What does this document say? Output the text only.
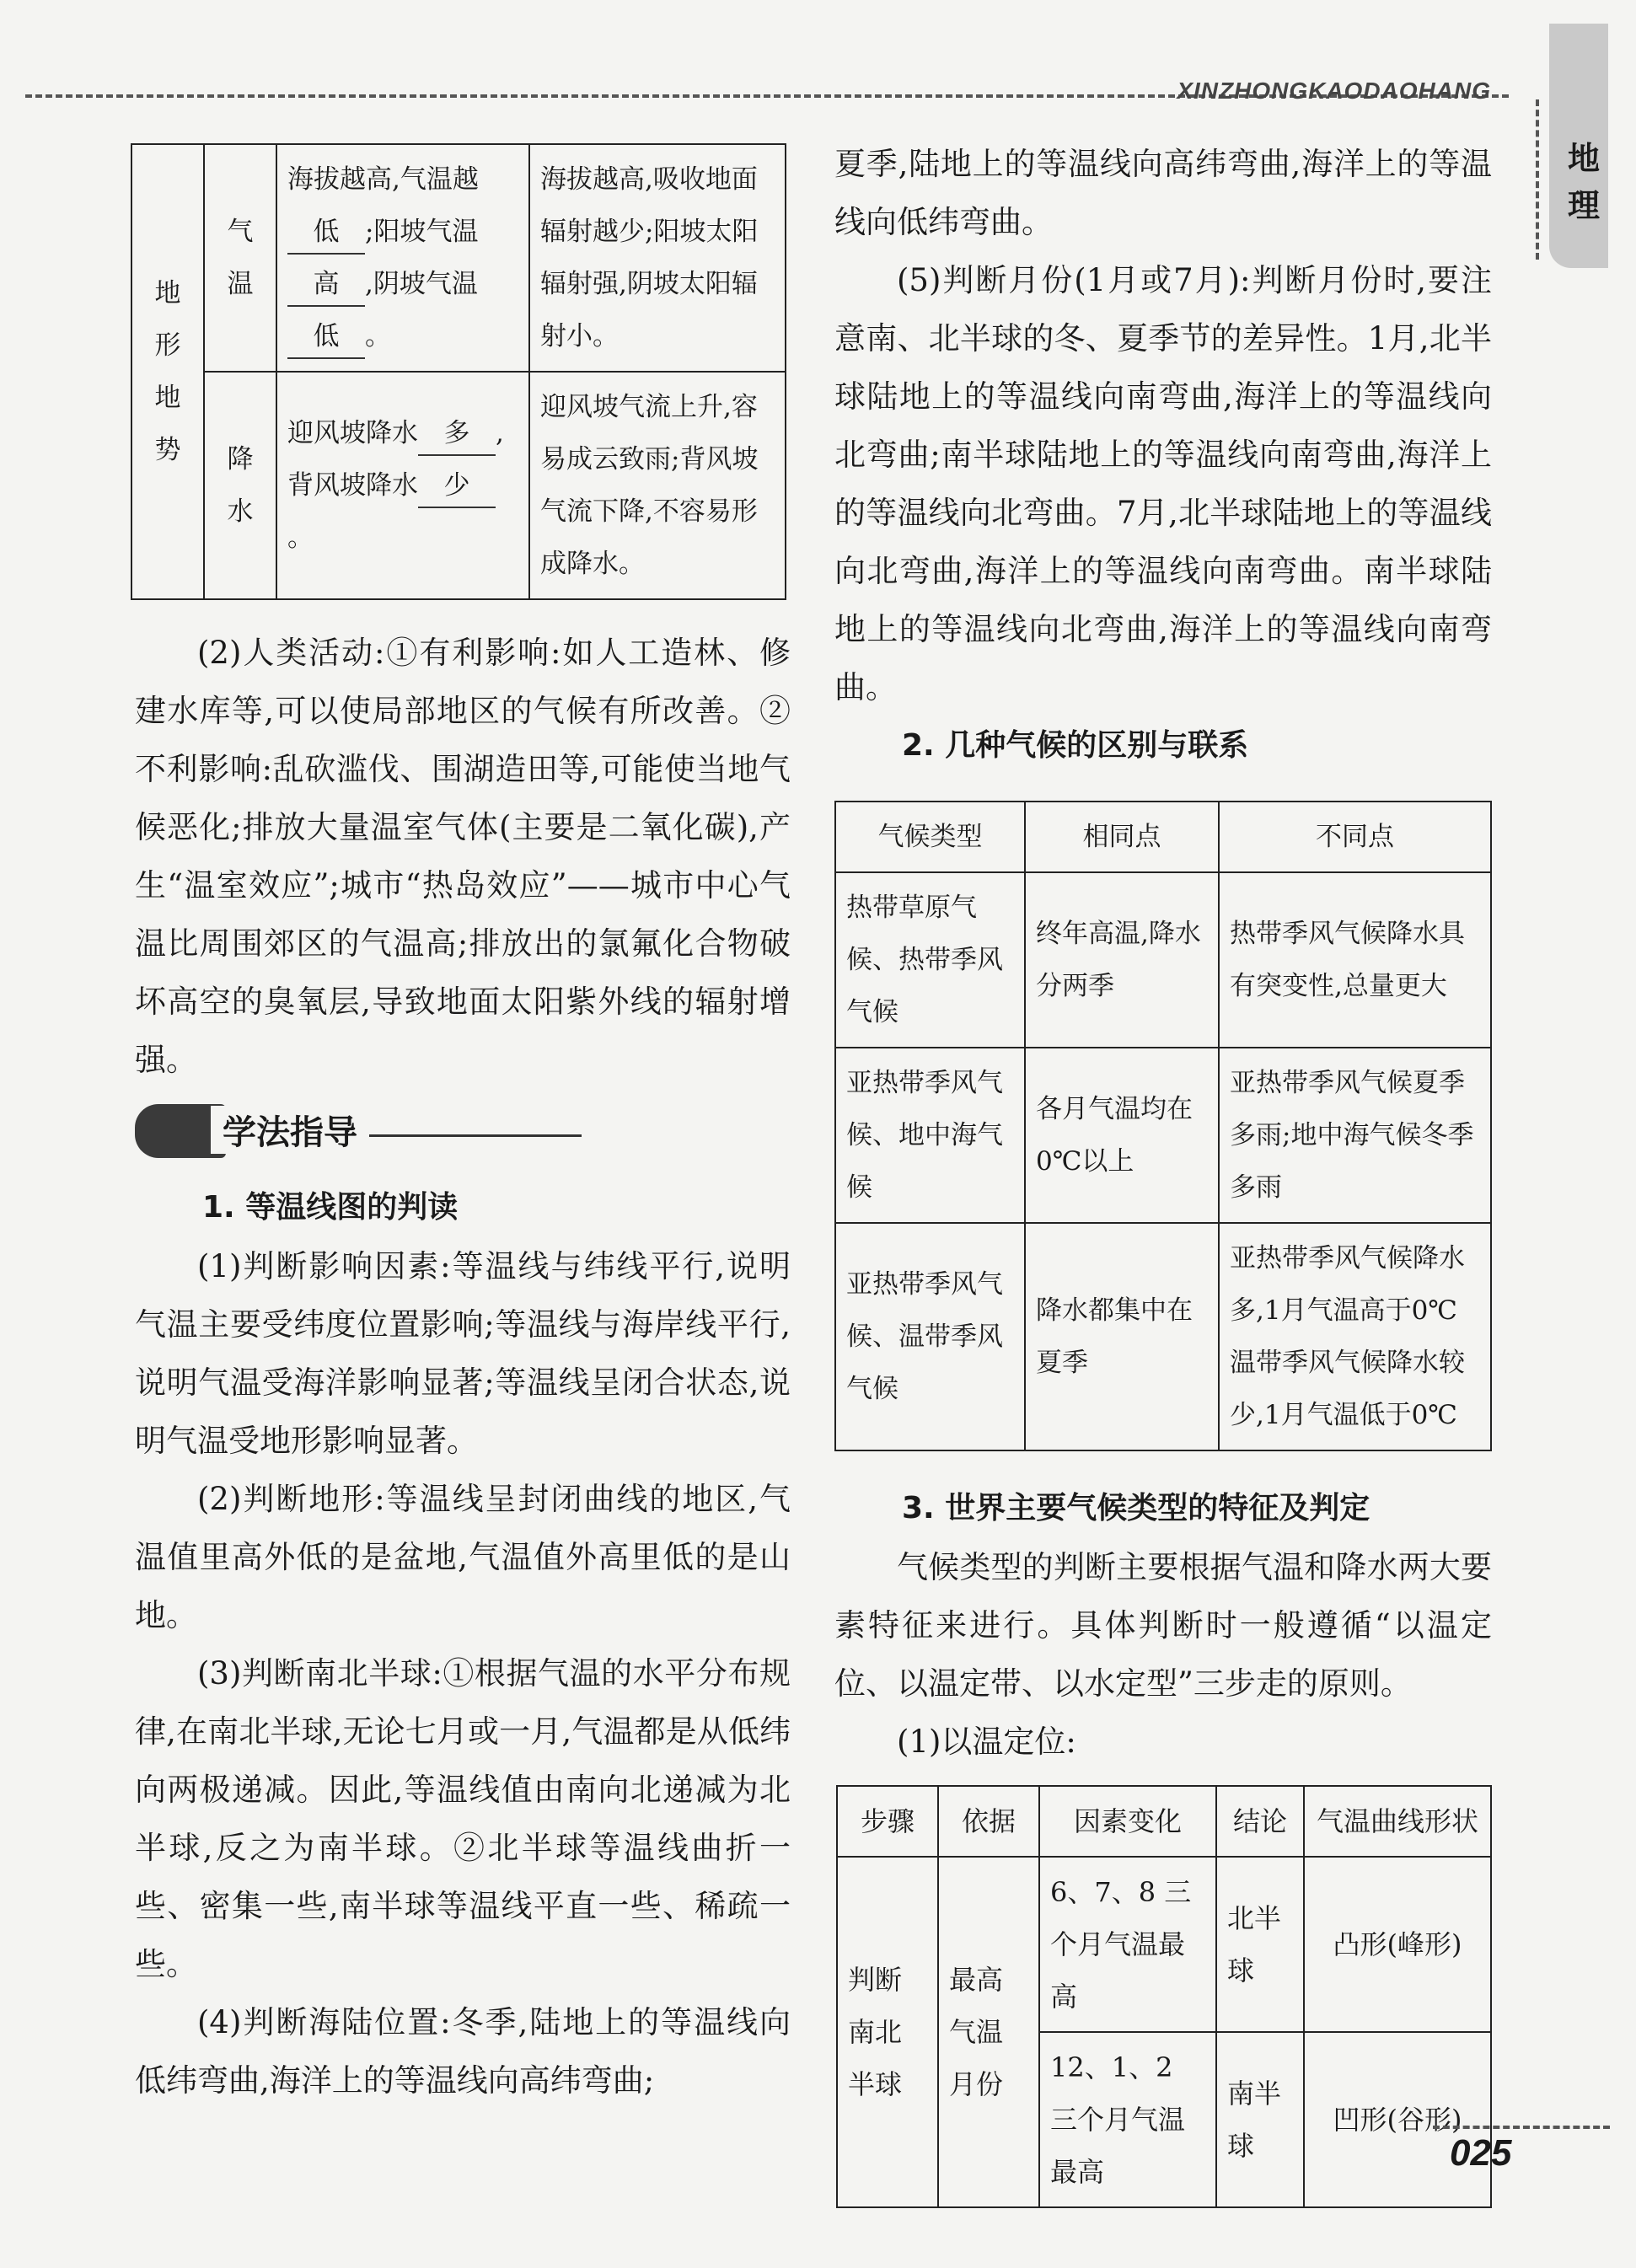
XINZHONGKAODAOHANG
地理
地形地势	气温	海拔越高,气温越 低 ;阳坡气温 高 ,阴坡气温 低 。	海拔越高,吸收地面辐射越少;阳坡太阳辐射强,阴坡太阳辐射小。
	降水	迎风坡降水 多 ,背风坡降水 少。	迎风坡气流上升,容易成云致雨;背风坡气流下降,不容易形成降水。

(2)人类活动:①有利影响:如人工造林、修建水库等,可以使局部地区的气候有所改善。②不利影响:乱砍滥伐、围湖造田等,可能使当地气候恶化;排放大量温室气体(主要是二氧化碳),产生“温室效应”;城市“热岛效应”——城市中心气温比周围郊区的气温高;排放出的氯氟化合物破坏高空的臭氧层,导致地面太阳紫外线的辐射增强。

学法指导
1. 等温线图的判读

(1)判断影响因素:等温线与纬线平行,说明气温主要受纬度位置影响;等温线与海岸线平行,说明气温受海洋影响显著;等温线呈闭合状态,说明气温受地形影响显著。

(2)判断地形:等温线呈封闭曲线的地区,气温值里高外低的是盆地,气温值外高里低的是山地。

(3)判断南北半球:①根据气温的水平分布规律,在南北半球,无论七月或一月,气温都是从低纬向两极递减。因此,等温线值由南向北递减为北半球,反之为南半球。②北半球等温线曲折一些、密集一些,南半球等温线平直一些、稀疏一些。

(4)判断海陆位置:冬季,陆地上的等温线向低纬弯曲,海洋上的等温线向高纬弯曲;

夏季,陆地上的等温线向高纬弯曲,海洋上的等温线向低纬弯曲。

(5)判断月份(1月或7月):判断月份时,要注意南、北半球的冬、夏季节的差异性。1月,北半球陆地上的等温线向南弯曲,海洋上的等温线向北弯曲;南半球陆地上的等温线向南弯曲,海洋上的等温线向北弯曲。7月,北半球陆地上的等温线向北弯曲,海洋上的等温线向南弯曲。南半球陆地上的等温线向北弯曲,海洋上的等温线向南弯曲。

2. 几种气候的区别与联系
气候类型	相同点	不同点
热带草原气候、热带季风气候	终年高温,降水分两季	热带季风气候降水具有突变性,总量更大
亚热带季风气候、地中海气候	各月气温均在0℃以上	亚热带季风气候夏季多雨;地中海气候冬季多雨
亚热带季风气候、温带季风气候	降水都集中在夏季	亚热带季风气候降水多,1月气温高于0℃温带季风气候降水较少,1月气温低于0℃
3. 世界主要气候类型的特征及判定

气候类型的判断主要根据气温和降水两大要素特征来进行。具体判断时一般遵循“以温定位、以温定带、以水定型”三步走的原则。

(1)以温定位:

步骤	依据	因素变化	结论	气温曲线形状
判断南北半球	最高气温月份	6、7、8 三个月气温最高	北半球	凸形(峰形)
		12、1、2 三个月气温最高	南半球	凹形(谷形)
025
